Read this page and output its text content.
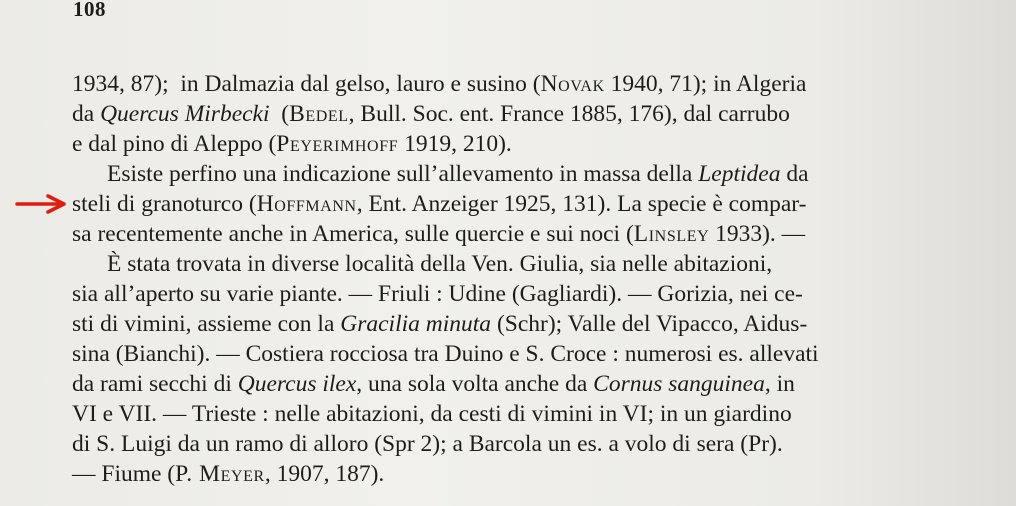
108
1934, 87);  in Dalmazia dal gelso, lauro e susino (Novak 1940, 71); in Algeria
da Quercus Mirbecki  (Bedel, Bull. Soc. ent. France 1885, 176), dal carrubo
e dal pino di Aleppo (Peyerimhoff 1919, 210).
Esiste perfino una indicazione sull’allevamento in massa della Leptidea da
steli di granoturco (Hoffmann, Ent. Anzeiger 1925, 131). La specie è compar-
sa recentemente anche in America, sulle quercie e sui noci (Linsley 1933). —
È stata trovata in diverse località della Ven. Giulia, sia nelle abitazioni,
sia all’aperto su varie piante. — Friuli : Udine (Gagliardi). — Gorizia, nei ce-
sti di vimini, assieme con la Gracilia minuta (Schr); Valle del Vipacco, Aidus-
sina (Bianchi). — Costiera rocciosa tra Duino e S. Croce : numerosi es. allevati
da rami secchi di Quercus ilex, una sola volta anche da Cornus sanguinea, in
VI e VII. — Trieste : nelle abitazioni, da cesti di vimini in VI; in un giardino
di S. Luigi da un ramo di alloro (Spr 2); a Barcola un es. a volo di sera (Pr).
— Fiume (P. Meyer, 1907, 187).
